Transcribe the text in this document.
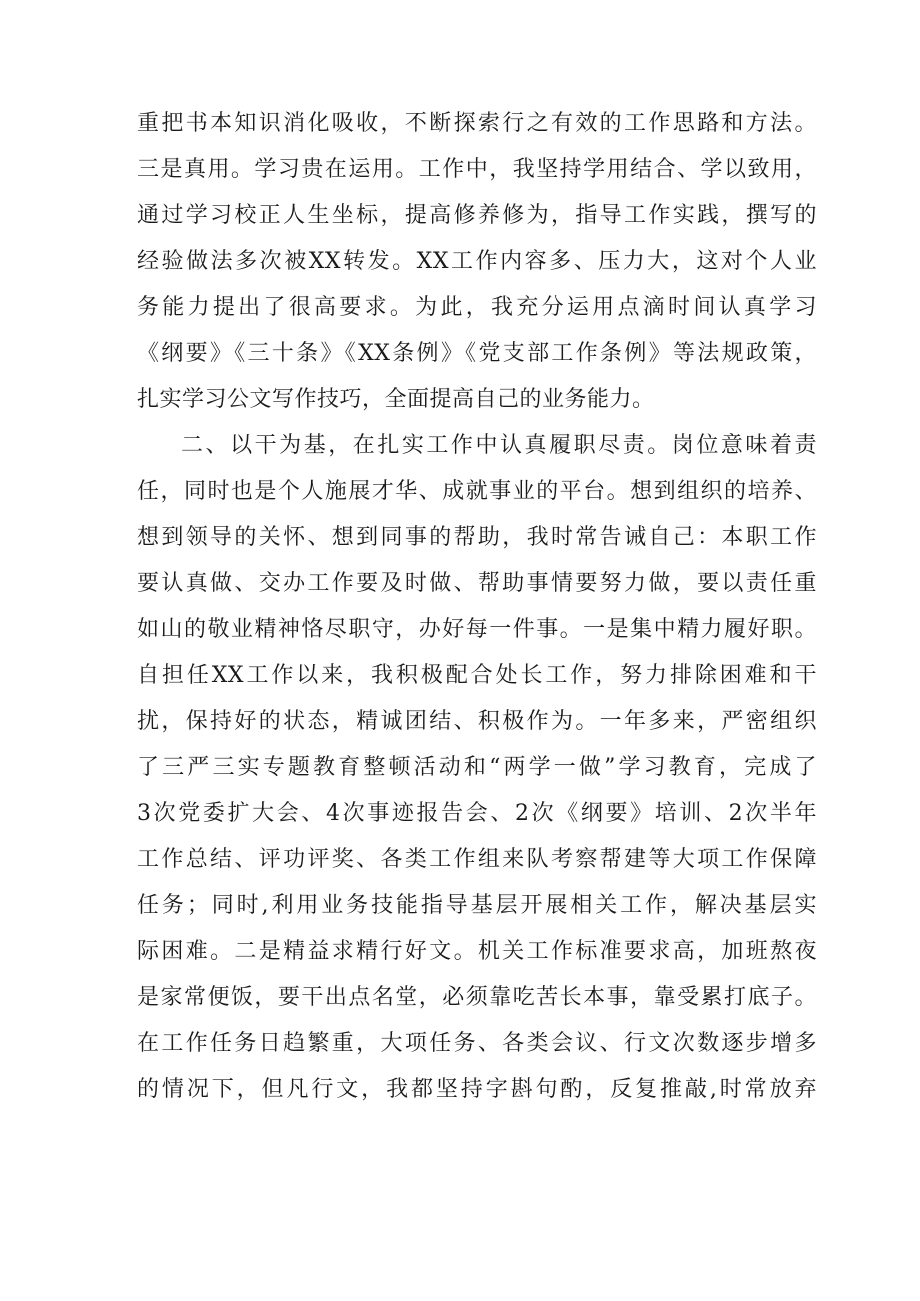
重把书本知识消化吸收，不断探索行之有效的工作思路和方法。
三是真用。学习贵在运用。工作中，我坚持学用结合、学以致用，
通过学习校正人生坐标，提高修养修为，指导工作实践，撰写的
经验做法多次被XX转发。XX工作内容多、压力大，这对个人业
务能力提出了很高要求。为此，我充分运用点滴时间认真学习
《纲要》《三十条》《XX条例》《党支部工作条例》等法规政策，
扎实学习公文写作技巧，全面提高自己的业务能力。
二、以干为基，在扎实工作中认真履职尽责。岗位意味着责
任，同时也是个人施展才华、成就事业的平台。想到组织的培养、
想到领导的关怀、想到同事的帮助，我时常告诫自己：本职工作
要认真做、交办工作要及时做、帮助事情要努力做，要以责任重
如山的敬业精神恪尽职守，办好每一件事。一是集中精力履好职。
自担任XX工作以来，我积极配合处长工作，努力排除困难和干
扰，保持好的状态，精诚团结、积极作为。一年多来，严密组织
了三严三实专题教育整顿活动和“两学一做”学习教育，完成了
3次党委扩大会、4次事迹报告会、2次《纲要》培训、2次半年
工作总结、评功评奖、各类工作组来队考察帮建等大项工作保障
任务；同时,利用业务技能指导基层开展相关工作，解决基层实
际困难。二是精益求精行好文。机关工作标准要求高，加班熬夜
是家常便饭，要干出点名堂，必须靠吃苦长本事，靠受累打底子。
在工作任务日趋繁重，大项任务、各类会议、行文次数逐步增多
的情况下，但凡行文，我都坚持字斟句酌，反复推敲,时常放弃
